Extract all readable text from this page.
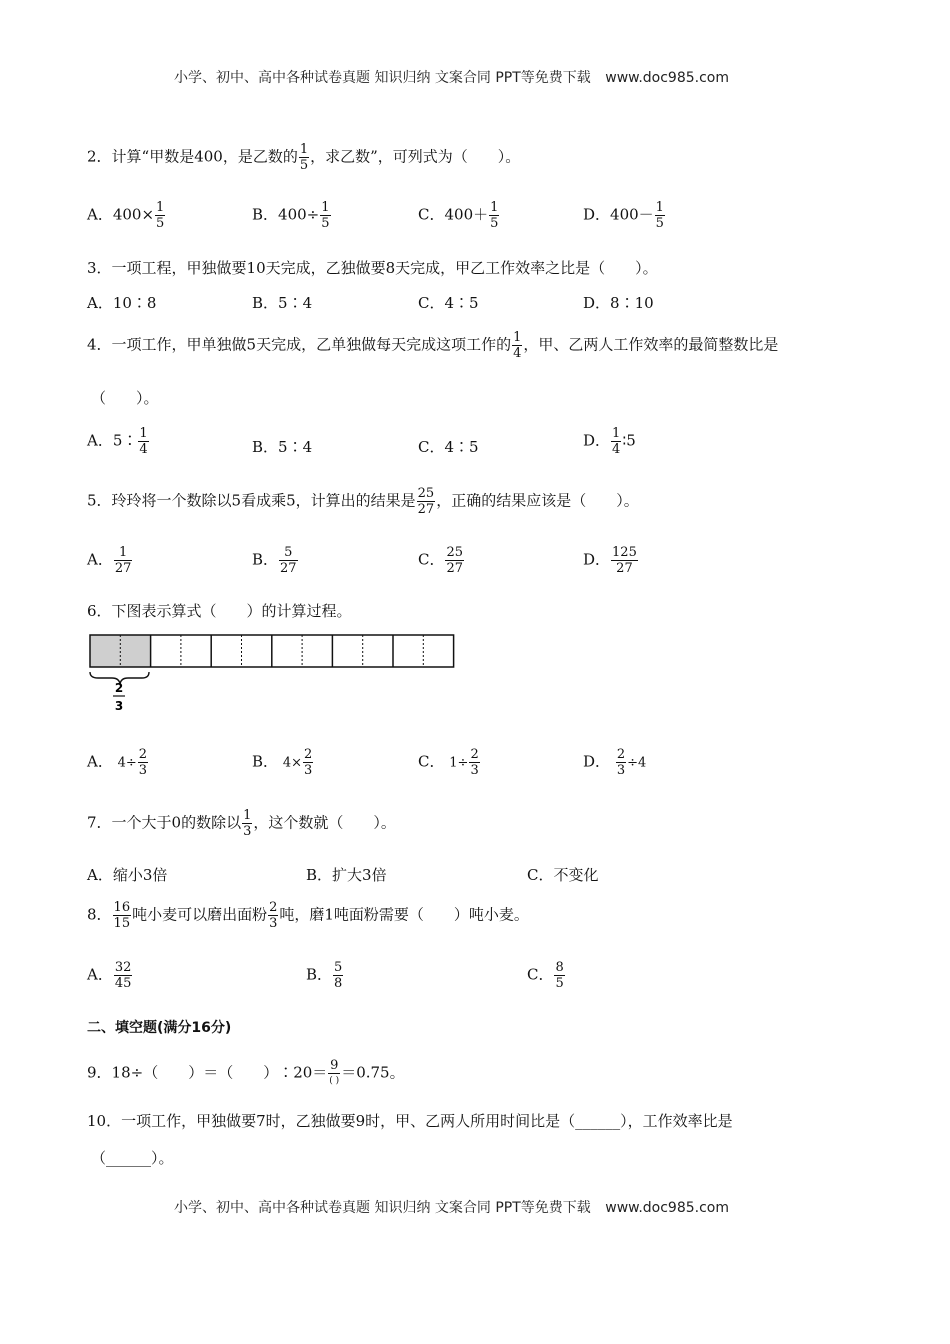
小学、初中、高中各种试卷真题 知识归纳 文案合同 PPT等免费下载 www.doc985.com
2．计算“甲数是400，是乙数的 $\frac{1}{5}$ ，求乙数”，可列式为（　　）。
A．$400\times \frac{1}{5}$	B．$400\div \frac{1}{5}$	C．$400+ \frac{1}{5}$	D．$400- \frac{1}{5}$
3．一项工程，甲独做要10天完成，乙独做要8天完成，甲乙工作效率之比是（　　）。
A．10∶8	B．5∶4	C．4∶5	D．8∶10
4．一项工作，甲单独做5天完成，乙单独做每天完成这项工作的 $\frac{1}{4}$ ，甲、乙两人工作效率的最简整数比是
（　　）。
A．5∶ $\frac{1}{4}$	B．5∶4	C．4∶5	D． $\frac{1}{4}$ ∶5
5．玲玲将一个数除以5看成乘5，计算出的结果是 $\frac{25}{27}$ ，正确的结果应该是（　　）。
A． $\frac{1}{27}$	B． $\frac{5}{27}$	C． $\frac{25}{27}$	D． $\frac{125}{27}$
6．下图表示算式（　　）的计算过程。
2
3
A． $4\div \frac{2}{3}$	B． $4\times \frac{2}{3}$	C． $1\div \frac{2}{3}$	D． $\frac{2}{3} \div 4$
7．一个大于0的数除以 $\frac{1}{3}$ ，这个数就（　　）。
A．缩小3倍	B．扩大3倍	C．不变化
8． $\frac{16}{15}$ 吨小麦可以磨出面粉 $\frac{2}{3}$ 吨，磨1吨面粉需要（　　）吨小麦。
A． $\frac{32}{45}$	B． $\frac{5}{8}$	C． $\frac{8}{5}$
二、填空题(满分16分)
9．18÷（　　）＝（　　）∶20＝ $\frac{9}{( )} =0.75$。
10．一项工作，甲独做要7时，乙独做要9时，甲、乙两人所用时间比是（______），工作效率比是
（______）。
小学、初中、高中各种试卷真题 知识归纳 文案合同 PPT等免费下载 www.doc985.com
